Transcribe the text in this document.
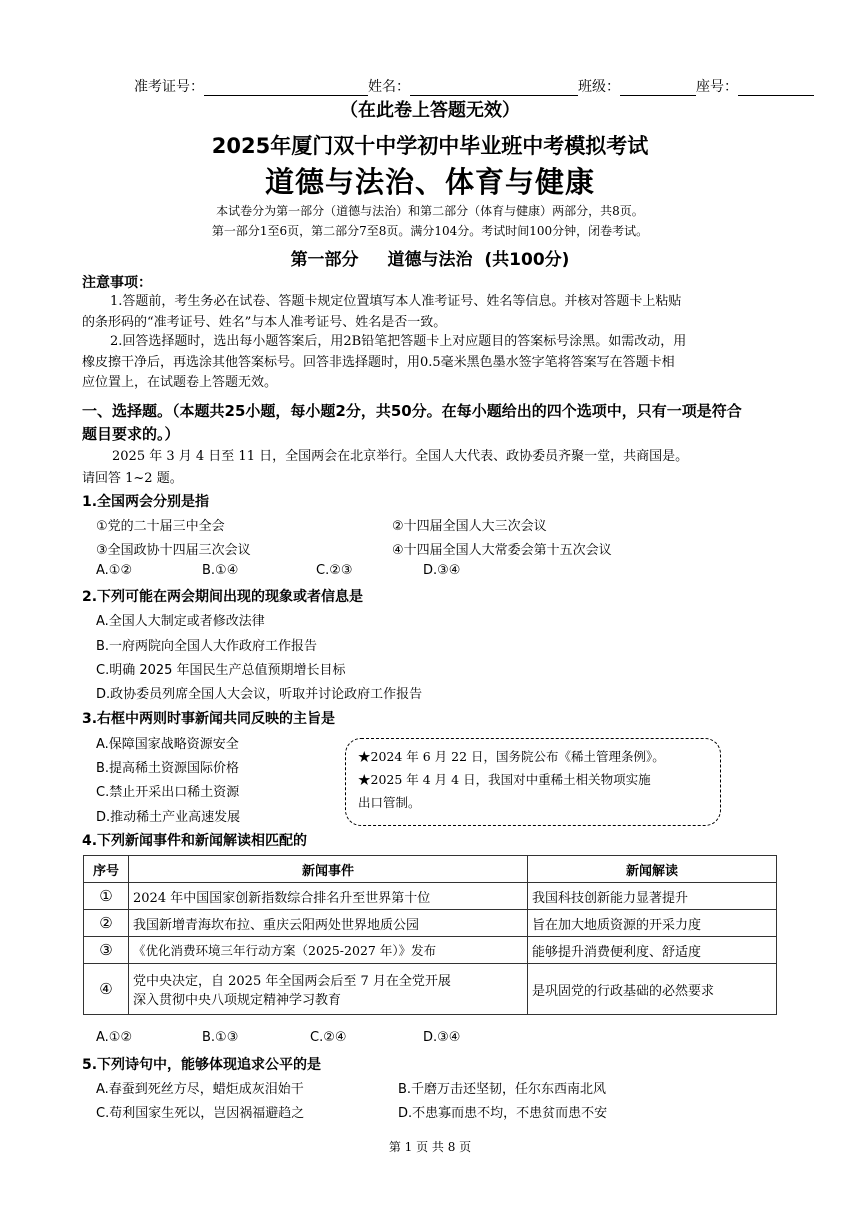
准考证号：	姓名：	班级：	座号：
（在此卷上答题无效）
2025年厦门双十中学初中毕业班中考模拟考试
道德与法治、体育与健康
本试卷分为第一部分（道德与法治）和第二部分（体育与健康）两部分，共8页。
第一部分1至6页，第二部分7至8页。满分104分。考试时间100分钟，闭卷考试。
第一部分　 道德与法治 (共100分)
注意事项：
1.答题前，考生务必在试卷、答题卡规定位置填写本人准考证号、姓名等信息。并核对答题卡上粘贴
的条形码的“准考证号、姓名”与本人准考证号、姓名是否一致。
2.回答选择题时，选出每小题答案后，用2B铅笔把答题卡上对应题目的答案标号涂黑。如需改动，用
橡皮擦干净后，再选涂其他答案标号。回答非选择题时，用0.5毫米黑色墨水签字笔将答案写在答题卡相
应位置上，在试题卷上答题无效。
一、选择题。（本题共25小题，每小题2分，共50分。在每小题给出的四个选项中，只有一项是符合
题目要求的。）
2025 年 3 月 4 日至 11 日，全国两会在北京举行。全国人大代表、政协委员齐聚一堂，共商国是。
请回答 1~2 题。
1.全国两会分别是指
①党的二十届三中全会	②十四届全国人大三次会议
③全国政协十四届三次会议	④十四届全国人大常委会第十五次会议
A.①②	B.①④	C.②③	D.③④
2.下列可能在两会期间出现的现象或者信息是
A.全国人大制定或者修改法律
B.一府两院向全国人大作政府工作报告
C.明确 2025 年国民生产总值预期增长目标
D.政协委员列席全国人大会议，听取并讨论政府工作报告
3.右框中两则时事新闻共同反映的主旨是
A.保障国家战略资源安全
B.提高稀土资源国际价格
C.禁止开采出口稀土资源
D.推动稀土产业高速发展
★2024 年 6 月 22 日，国务院公布《稀土管理条例》。
★2025 年 4 月 4 日，我国对中重稀土相关物项实施
出口管制。
4.下列新闻事件和新闻解读相匹配的
序号	新闻事件	新闻解读
①	2024 年中国国家创新指数综合排名升至世界第十位	我国科技创新能力显著提升
②	我国新增青海坎布拉、重庆云阳两处世界地质公园	旨在加大地质资源的开采力度
③	《优化消费环境三年行动方案（2025-2027 年）》发布	能够提升消费便利度、舒适度
④	党中央决定，自 2025 年全国两会后至 7 月在全党开展
深入贯彻中央八项规定精神学习教育	是巩固党的行政基础的必然要求
A.①②	B.①③	C.②④	D.③④
5.下列诗句中，能够体现追求公平的是
A.春蚕到死丝方尽，蜡炬成灰泪始干	B.千磨万击还坚韧，任尔东西南北风
C.苟利国家生死以，岂因祸福避趋之	D.不患寡而患不均，不患贫而患不安
第 1 页 共 8 页
